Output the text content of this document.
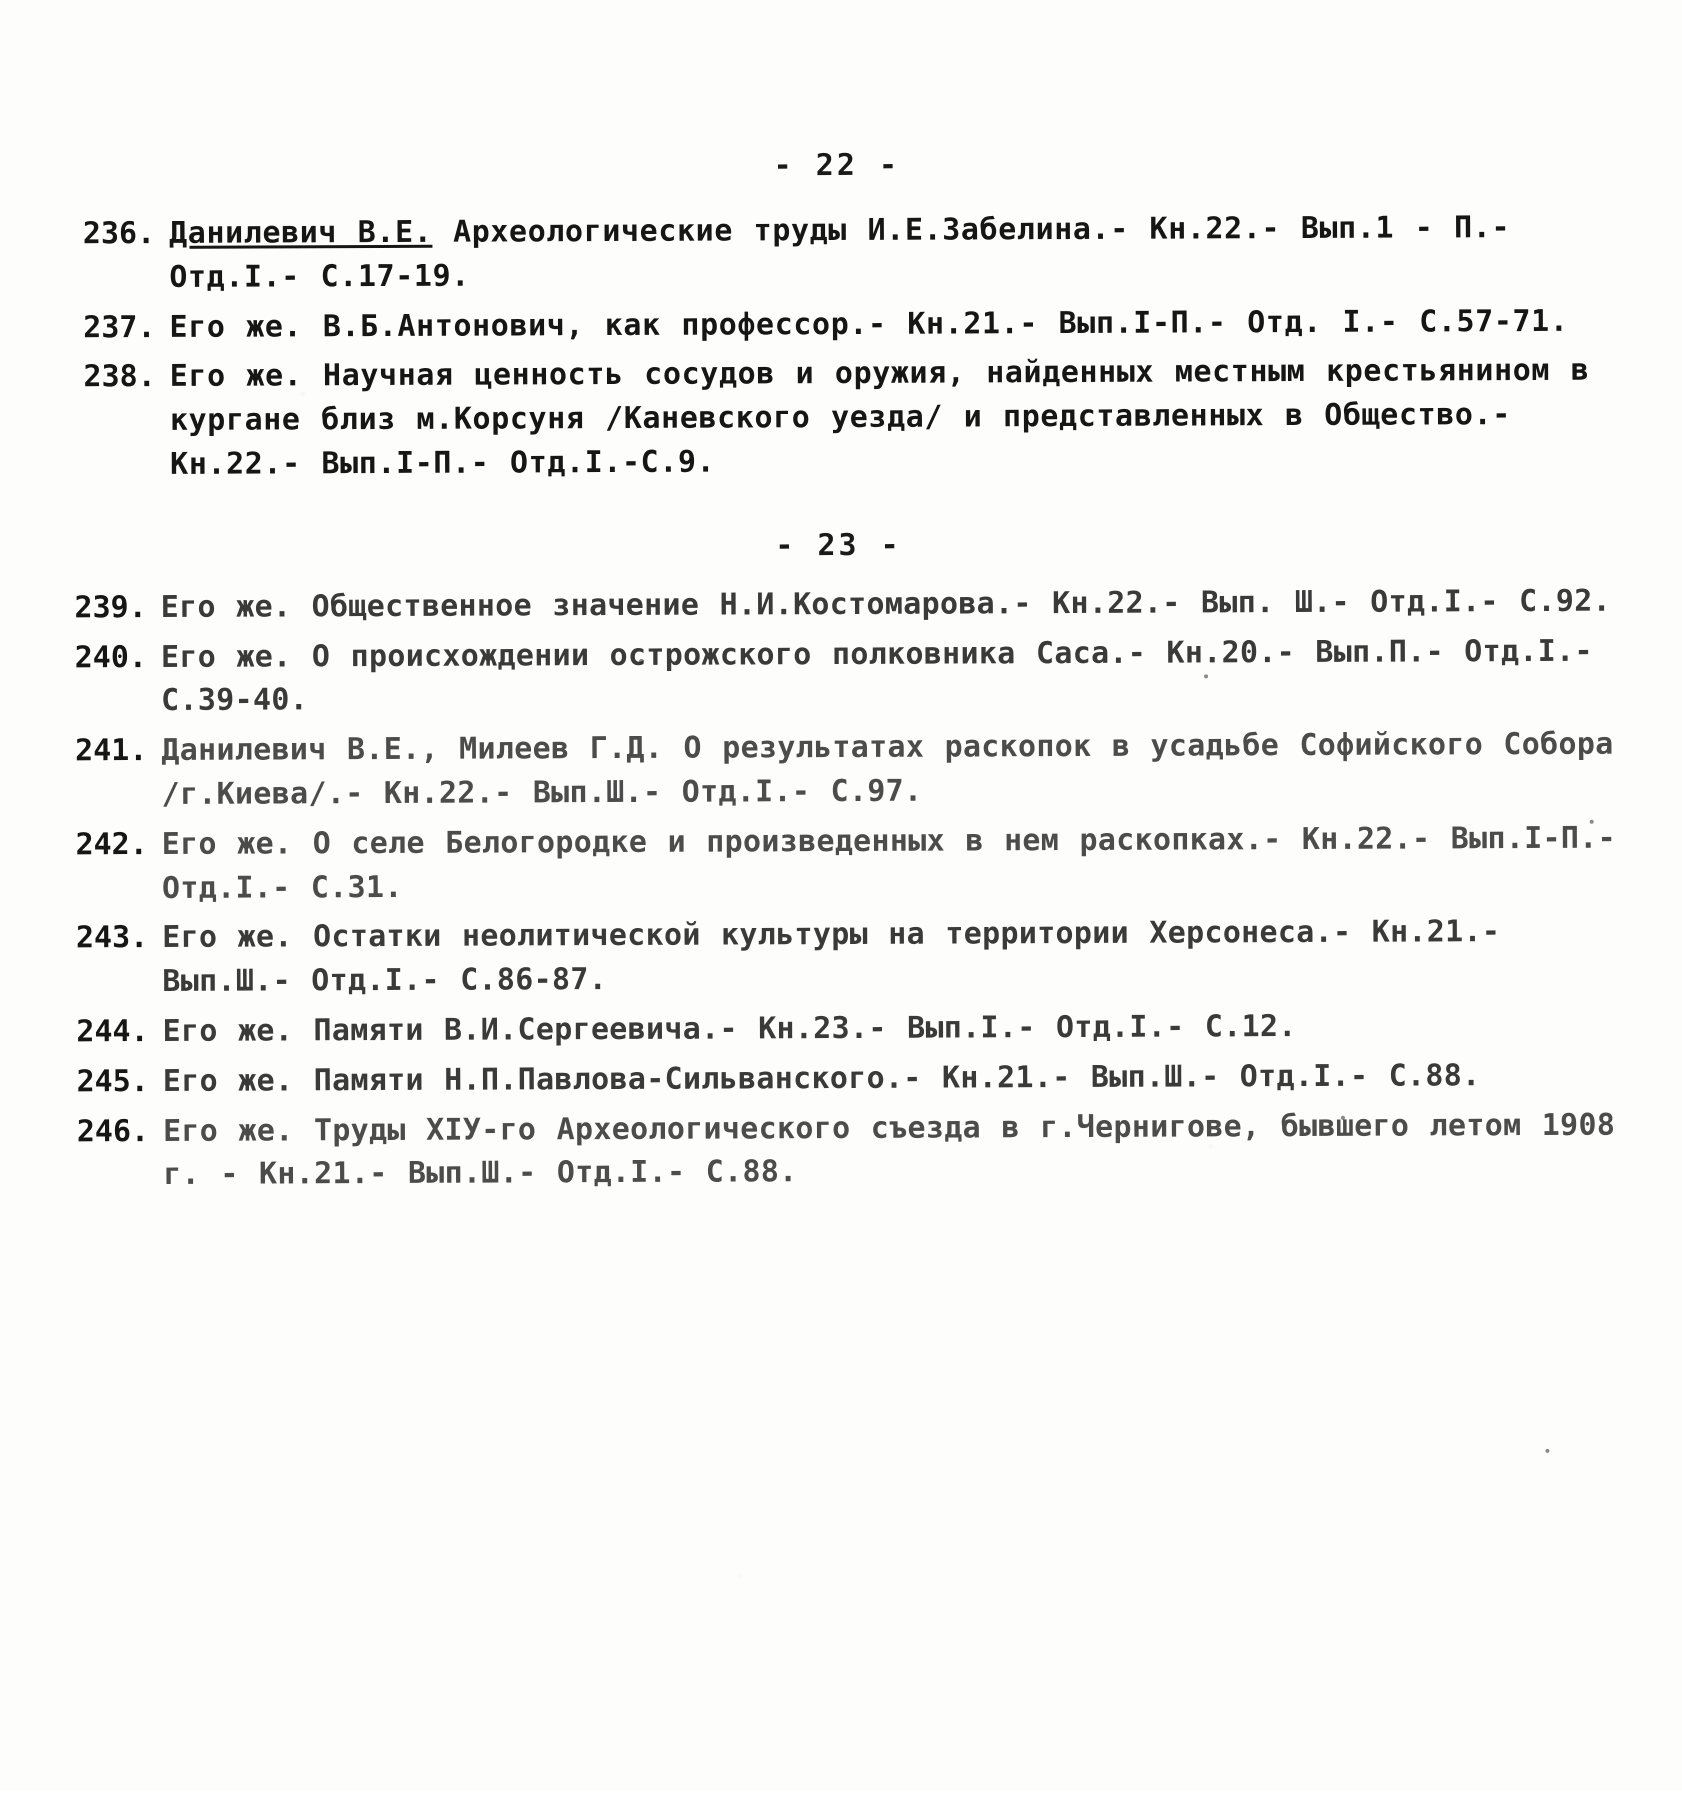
- 22 -
236. Данилевич В.Е. Археологические труды И.Е.Забелина.- Кн.22.- Вып.1 - П.- Отд.I.- С.17-19.
237. Его же. В.Б.Антонович, как профессор.- Кн.21.- Вып.I-П.- Отд. I.- С.57-71.
238. Его же. Научная ценность сосудов и оружия, найденных местным крестьянином в кургане близ м.Корсуня /Каневского уезда/ и представленных в Общество.- Кн.22.- Вып.I-П.- Отд.I.-С.9.
- 23 -
239. Его же. Общественное значение Н.И.Костомарова.- Кн.22.- Вып. Ш.- Отд.I.- С.92.
240. Его же. О происхождении острожского полковника Саса.- Кн.20.- Вып.П.- Отд.I.- С.39-40.
241. Данилевич В.Е., Милеев Г.Д. О результатах раскопок в усадьбе Софийского Собора /г.Киева/.- Кн.22.- Вып.Ш.- Отд.I.- С.97.
242. Его же. О селе Белогородке и произведенных в нем раскопках.- Кн.22.- Вып.I-П.- Отд.I.- С.31.
243. Его же. Остатки неолитической культуры на территории Херсонеса.- Кн.21.- Вып.Ш.- Отд.I.- С.86-87.
244. Его же. Памяти В.И.Сергеевича.- Кн.23.- Вып.I.- Отд.I.- С.12.
245. Его же. Памяти Н.П.Павлова-Сильванского.- Кн.21.- Вып.Ш.- Отд.I.- С.88.
246. Его же. Труды ХIУ-го Археологического съезда в г.Чернигове, бывшего летом 1908 г. - Кн.21.- Вып.Ш.- Отд.I.- С.88.
